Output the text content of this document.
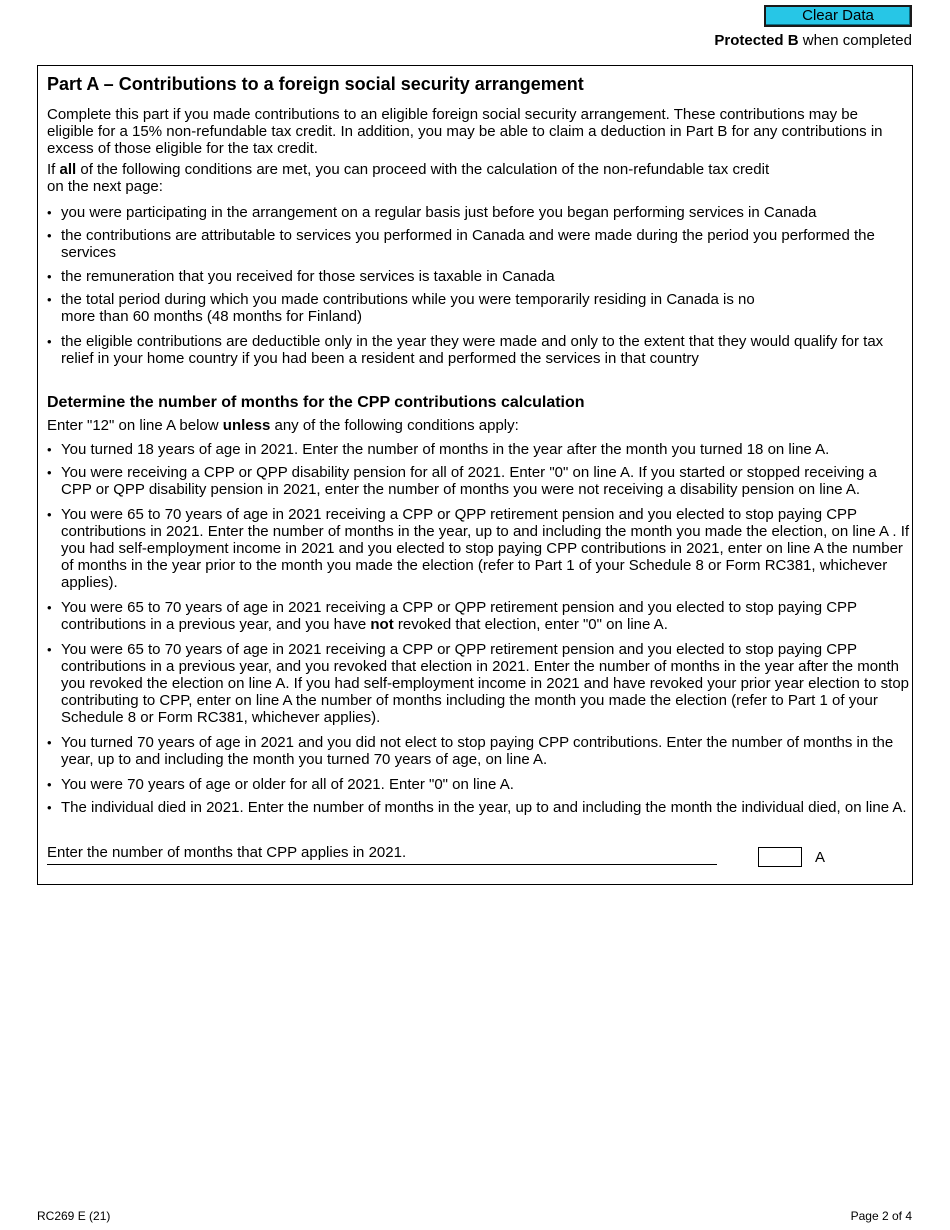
Clear Data
Protected B when completed
Part A – Contributions to a foreign social security arrangement

Complete this part if you made contributions to an eligible foreign social security arrangement. These contributions may be eligible for a 15% non-refundable tax credit. In addition, you may be able to claim a deduction in Part B for any contributions in excess of those eligible for the tax credit.

If all of the following conditions are met, you can proceed with the calculation of the non-refundable tax credit
on the next page:
• you were participating in the arrangement on a regular basis just before you began performing services in Canada
• the contributions are attributable to services you performed in Canada and were made during the period you performed the services
• the remuneration that you received for those services is taxable in Canada
• the total period during which you made contributions while you were temporarily residing in Canada is no more than 60 months (48 months for Finland)
• the eligible contributions are deductible only in the year they were made and only to the extent that they would qualify for tax relief in your home country if you had been a resident and performed the services in that country
Determine the number of months for the CPP contributions calculation
Enter "12" on line A below unless any of the following conditions apply:
• You turned 18 years of age in 2021. Enter the number of months in the year after the month you turned 18 on line A.
• You were receiving a CPP or QPP disability pension for all of 2021. Enter "0" on line A. If you started or stopped receiving a CPP or QPP disability pension in 2021, enter the number of months you were not receiving a disability pension on line A.
• You were 65 to 70 years of age in 2021 receiving a CPP or QPP retirement pension and you elected to stop paying CPP contributions in 2021. Enter the number of months in the year, up to and including the month you made the election, on line A . If you had self-employment income in 2021 and you elected to stop paying CPP contributions in 2021, enter on line A the number of months in the year prior to the month you made the election (refer to Part 1 of your Schedule 8 or Form RC381, whichever applies).
• You were 65 to 70 years of age in 2021 receiving a CPP or QPP retirement pension and you elected to stop paying CPP contributions in a previous year, and you have not revoked that election, enter "0" on line A.
• You were 65 to 70 years of age in 2021 receiving a CPP or QPP retirement pension and you elected to stop paying CPP contributions in a previous year, and you revoked that election in 2021. Enter the number of months in the year after the month you revoked the election on line A. If you had self-employment income in 2021 and have revoked your prior year election to stop contributing to CPP, enter on line A the number of months including the month you made the election (refer to Part 1 of your Schedule 8 or Form RC381, whichever applies).
• You turned 70 years of age in 2021 and you did not elect to stop paying CPP contributions. Enter the number of months in the year, up to and including the month you turned 70 years of age, on line A.
• You were 70 years of age or older for all of 2021. Enter "0" on line A.
• The individual died in 2021. Enter the number of months in the year, up to and including the month the individual died, on line A.
Enter the number of months that CPP applies in 2021.	A
RC269 E (21)	Page 2 of 4
